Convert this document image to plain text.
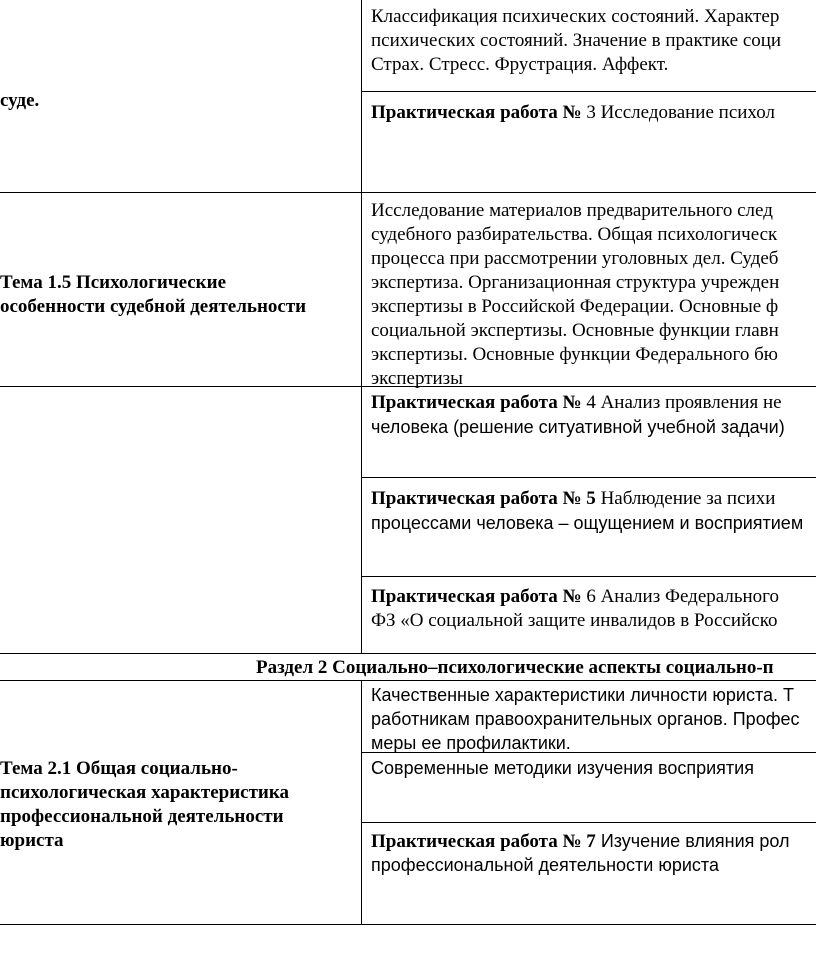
суде.
Классификация психических состояний. Характер
психических состояний. Значение в практике соци
Страх. Стресс. Фрустрация. Аффект.
Практическая работа № 3 Исследование психол
Тема 1.5 Психологические
особенности судебной деятельности
Исследование материалов предварительного след
судебного разбирательства. Общая психологическ
процесса при рассмотрении уголовных дел. Судеб
экспертиза. Организационная структура учрежден
экспертизы в Российской Федерации. Основные ф
социальной экспертизы. Основные функции главн
экспертизы. Основные функции Федерального бю
экспертизы
Практическая работа № 4 Анализ проявления не
человека (решение ситуативной учебной задачи)
Практическая работа № 5 Наблюдение за психи
процессами человека – ощущением и восприятием
Практическая работа № 6 Анализ Федерального
ФЗ «О социальной защите инвалидов в Российско
Раздел 2 Социально–психологические аспекты социально-п
Тема 2.1 Общая социально-
психологическая характеристика
профессиональной деятельности
юриста
Качественные характеристики личности юриста. Т
работникам правоохранительных органов. Профес
меры ее профилактики.
Современные методики изучения восприятия
Практическая работа № 7 Изучение влияния рол
профессиональной деятельности юриста
